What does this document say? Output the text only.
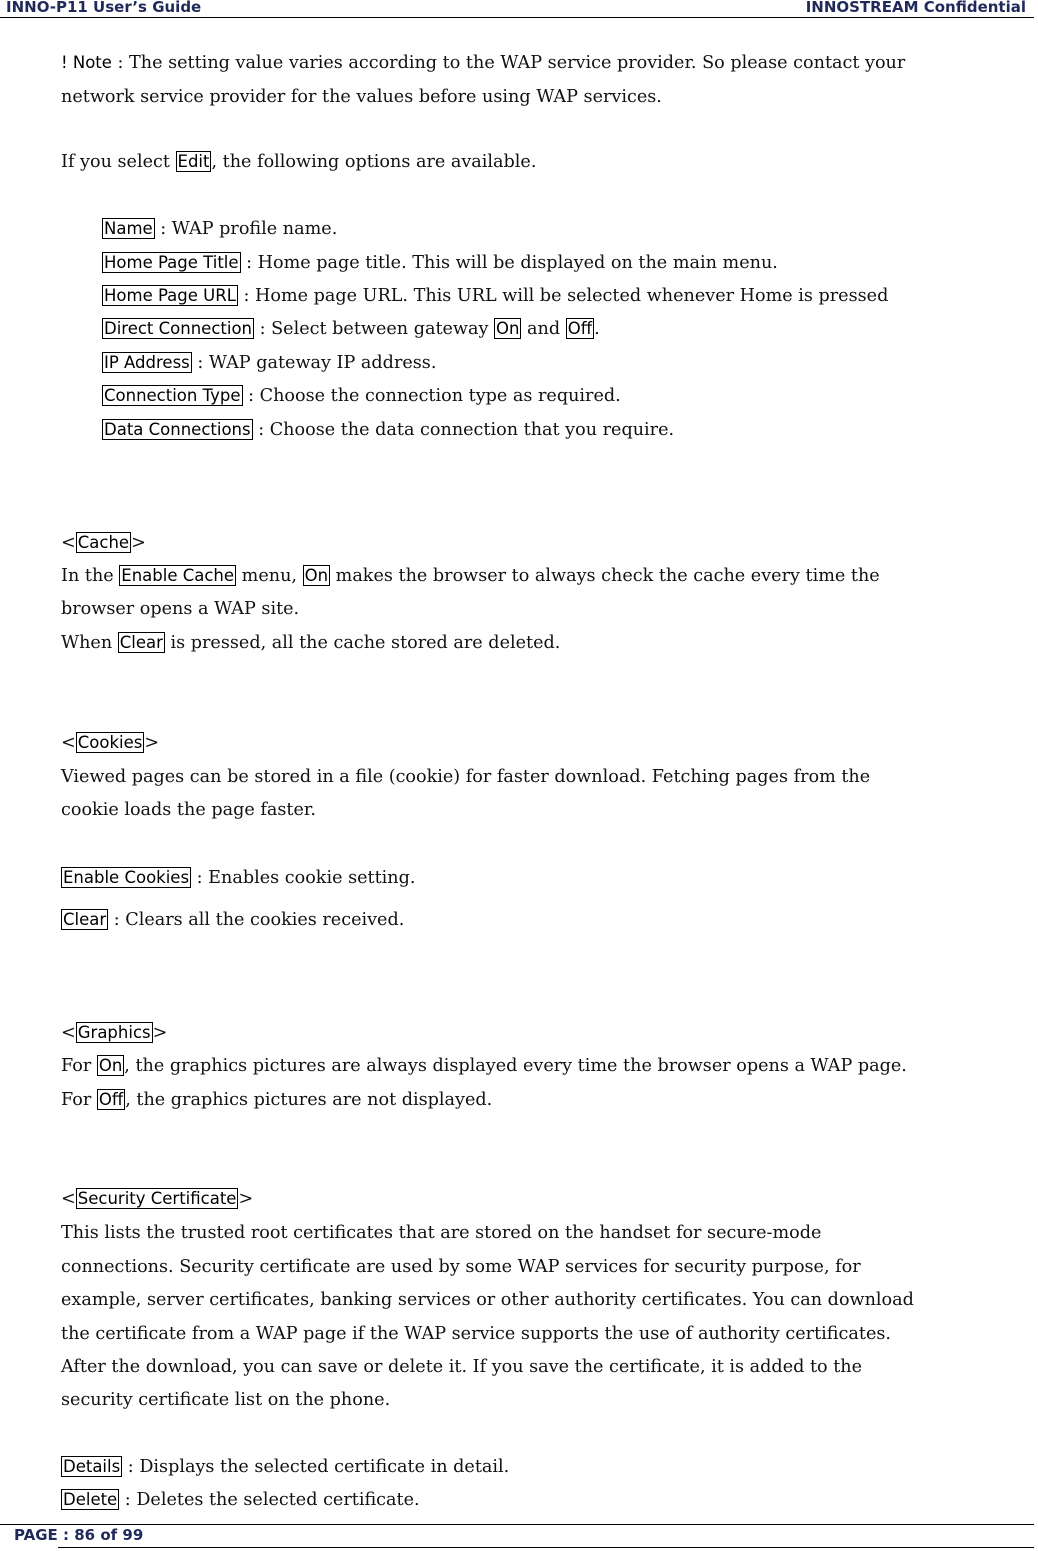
INNO-P11 User’s Guide	INNOSTREAM Confidential
! Note : The setting value varies according to the WAP service provider. So please contact your
network service provider for the values before using WAP services.
If you select Edit , the following options are available.
Name : WAP profile name.
Home Page Title : Home page title. This will be displayed on the main menu.
Home Page URL : Home page URL. This URL will be selected whenever Home is pressed
Direct Connection : Select between gateway On and Off .
IP Address : WAP gateway IP address.
Connection Type : Choose the connection type as required.
Data Connections : Choose the data connection that you require.
< Cache>
In the Enable Cache menu, On makes the browser to always check the cache every time the
browser opens a WAP site.
When Clear is pressed, all the cache stored are deleted.
< Cookies>
Viewed pages can be stored in a file (cookie) for faster download. Fetching pages from the
cookie loads the page faster.
Enable Cookies : Enables cookie setting.
Clear : Clears all the cookies received.
< Graphics>
For On , the graphics pictures are always displayed every time the browser opens a WAP page.
For Off , the graphics pictures are not displayed.
< Security Certificate>
This lists the trusted root certificates that are stored on the handset for secure-mode
connections. Security certificate are used by some WAP services for security purpose, for
example, server certificates, banking services or other authority certificates. You can download
the certificate from a WAP page if the WAP service supports the use of authority certificates.
After the download, you can save or delete it. If you save the certificate, it is added to the
security certificate list on the phone.
Details : Displays the selected certificate in detail.
Delete : Deletes the selected certificate.
PAGE : 86 of 99
